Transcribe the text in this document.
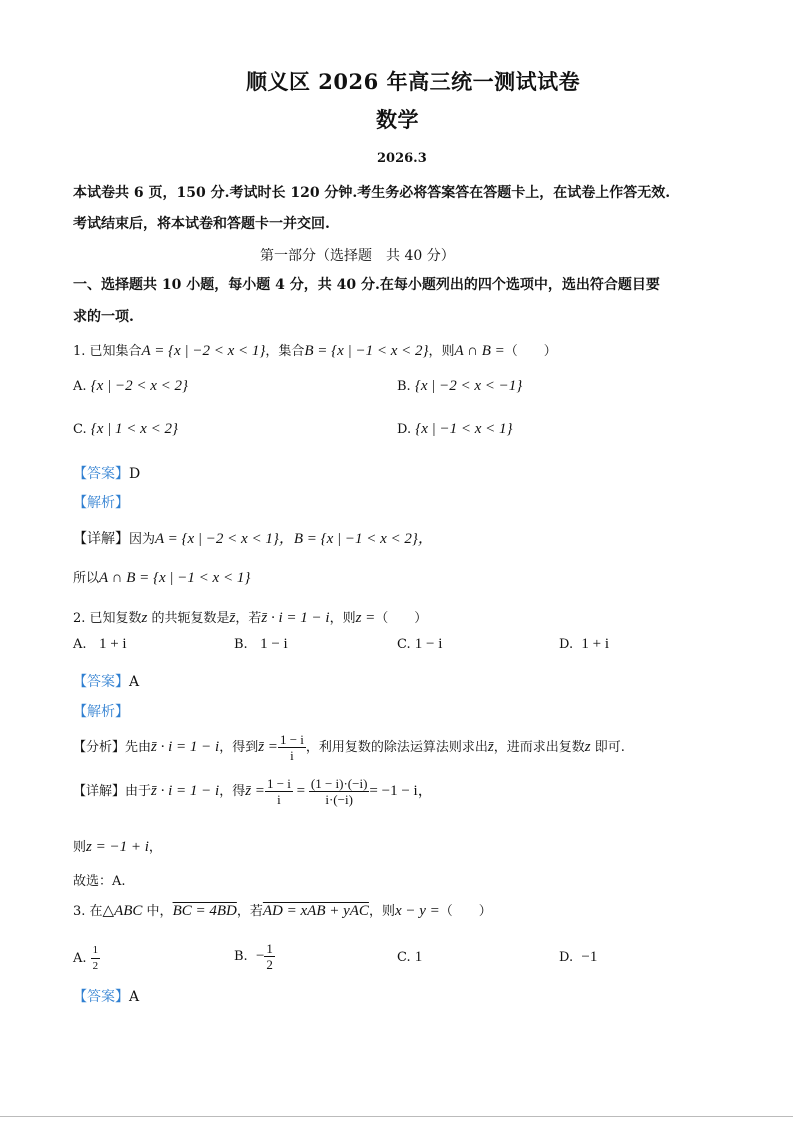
顺义区 2026 年高三统一测试试卷
数学
2026.3
本试卷共 6 页，150 分.考试时长 120 分钟.考生务必将答案答在答题卡上，在试卷上作答无效.
考试结束后，将本试卷和答题卡一并交回.
第一部分（选择题　共 40 分）
一、选择题共 10 小题，每小题 4 分，共 40 分.在每小题列出的四个选项中，选出符合题目要
求的一项.
1. 已知集合A = {x | −2 < x < 1}，集合B = {x | −1 < x < 2}，则A ∩ B =（　　）
A. {x | −2 < x < 2}	B. {x | −2 < x < −1}
C. {x | 1 < x < 2}	D. {x | −1 < x < 1}
【答案】D
【解析】
【详解】因为A = {x | −2 < x < 1}，B = {x | −1 < x < 2}，
所以A ∩ B = {x | −1 < x < 1}
2. 已知复数z 的共轭复数是z̄，若z̄ · i = 1 − i，则z =（　　）
A. 1 + i	B. 1 − i	C. 1 − i	D. 1 + i
【答案】A
【解析】
【分析】先由z̄ · i = 1 − i，得到z̄ = $\frac{1 - i}{i}$ ，利用复数的除法运算法则求出z̄，进而求出复数z 即可.
【详解】由于z̄ · i = 1 − i，得z̄ = $\frac{1 - i}{i} = \frac{(1 - i)\cdot(-i)}{i\cdot(-i)} = -1 - i$，
则z = −1 + i，
故选：A.
3. 在△ABC 中，BC = 4BD，若AD = xAB + yAC，则x − y =（　　）
A. $\frac{1}{2}$	B. − $\frac{1}{2}$	C. 1	D. −1
【答案】A
